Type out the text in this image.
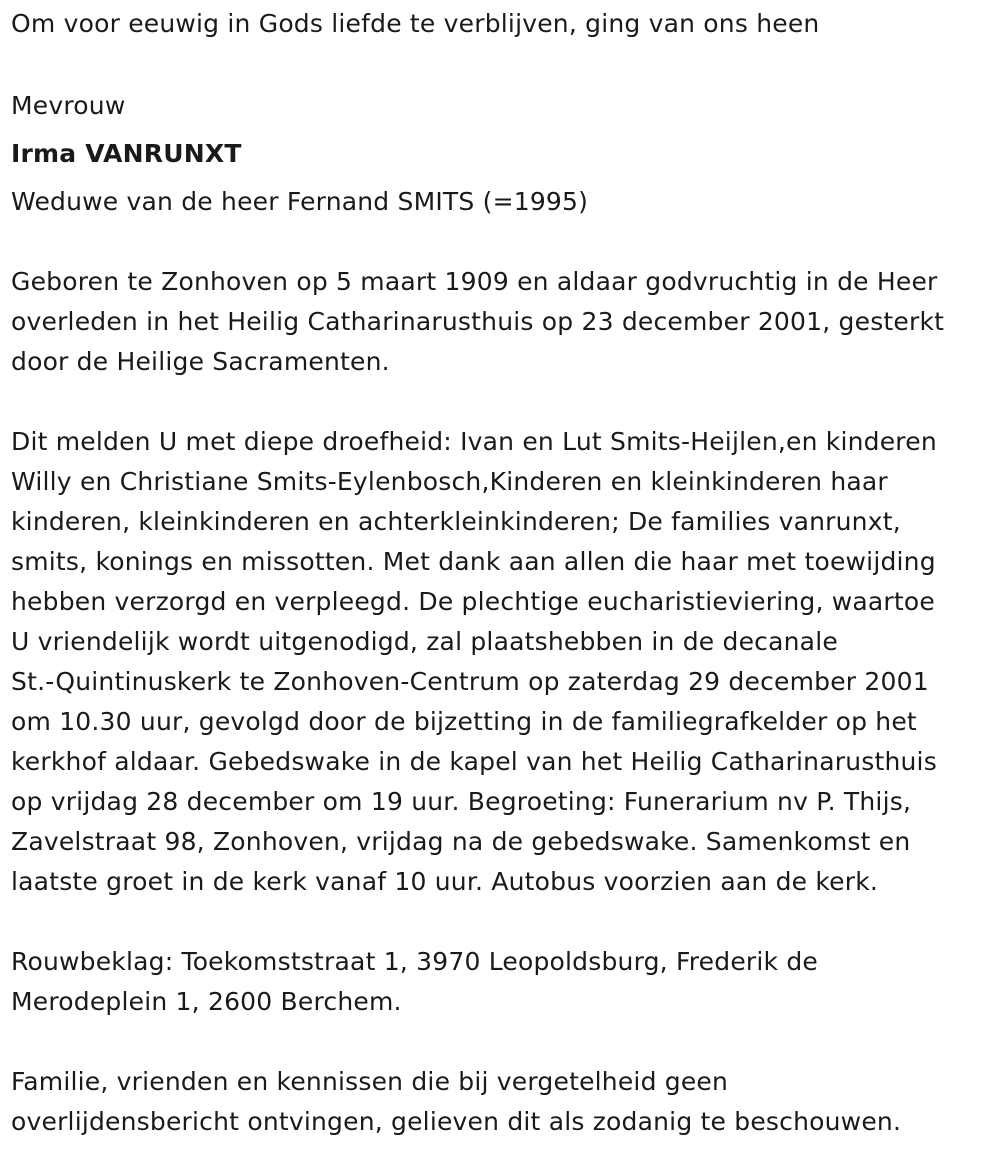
Om voor eeuwig in Gods liefde te verblijven, ging van ons heen
Mevrouw
Irma VANRUNXT
Weduwe van de heer Fernand SMITS (=1995)
Geboren te Zonhoven op 5 maart 1909 en aldaar godvruchtig in de Heer
overleden in het Heilig Catharinarusthuis op 23 december 2001, gesterkt
door de Heilige Sacramenten.
Dit melden U met diepe droefheid: Ivan en Lut Smits-Heijlen,en kinderen
Willy en Christiane Smits-Eylenbosch,Kinderen en kleinkinderen haar
kinderen, kleinkinderen en achterkleinkinderen; De families vanrunxt,
smits, konings en missotten. Met dank aan allen die haar met toewijding
hebben verzorgd en verpleegd. De plechtige eucharistieviering, waartoe
U vriendelijk wordt uitgenodigd, zal plaatshebben in de decanale
St.-Quintinuskerk te Zonhoven-Centrum op zaterdag 29 december 2001
om 10.30 uur, gevolgd door de bijzetting in de familiegrafkelder op het
kerkhof aldaar. Gebedswake in de kapel van het Heilig Catharinarusthuis
op vrijdag 28 december om 19 uur. Begroeting: Funerarium nv P. Thijs,
Zavelstraat 98, Zonhoven, vrijdag na de gebedswake. Samenkomst en
laatste groet in de kerk vanaf 10 uur. Autobus voorzien aan de kerk.
Rouwbeklag: Toekomststraat 1, 3970 Leopoldsburg, Frederik de
Merodeplein 1, 2600 Berchem.
Familie, vrienden en kennissen die bij vergetelheid geen
overlijdensbericht ontvingen, gelieven dit als zodanig te beschouwen.
